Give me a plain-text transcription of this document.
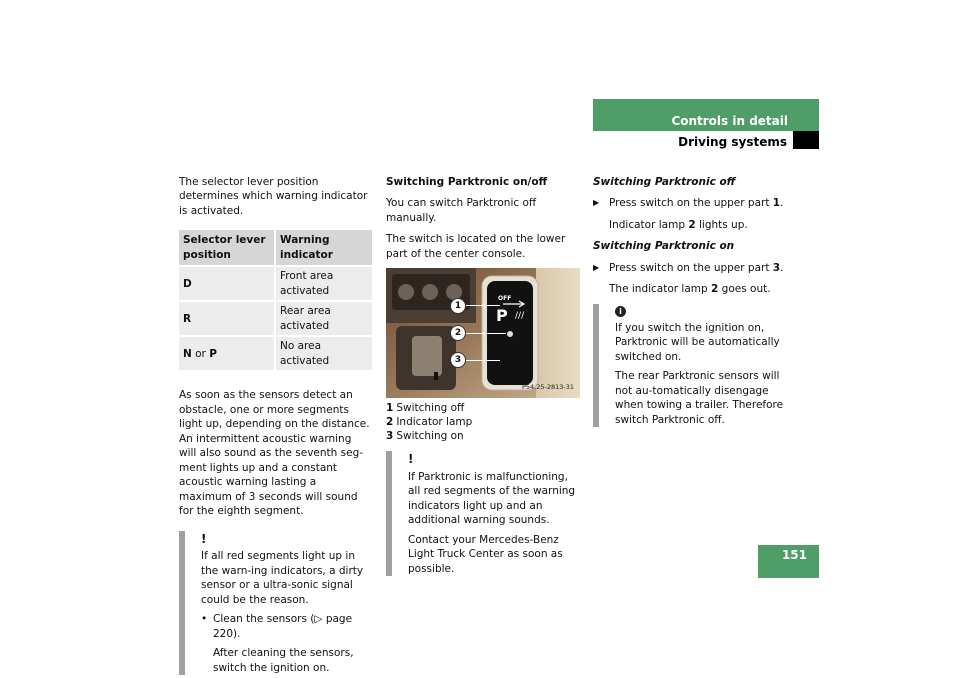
Controls in detail
Driving systems
151

The selector lever position determines which warning indicator is activated.

Selector lever position	Warning indicator
D	Front area activated
R	Rear area activated
N or P	No area activated

As soon as the sensors detect an obstacle, one or more segments light up, depending on the distance. An intermittent acoustic warning will also sound as the seventh seg-ment lights up and a constant acoustic warning lasting a maximum of 3 seconds will sound for the eighth segment.

!

If all red segments light up in the warn-ing indicators, a dirty sensor or a ultra-sonic signal could be the reason.

• Clean the sensors (▷ page 220).

After cleaning the sensors, switch the ignition on.

Switching Parktronic on/off

You can switch Parktronic off manually.

The switch is located on the lower part of the center console.

OFF
P ///
1
2
3
P54.25-2813-31
1 Switching off
2 Indicator lamp
3 Switching on
!

If Parktronic is malfunctioning, all red segments of the warning indicators light up and an additional warning sounds.

Contact your Mercedes-Benz Light Truck Center as soon as possible.

Switching Parktronic off

▶ Press switch on the upper part 1.

Indicator lamp 2 lights up.

Switching Parktronic on

▶ Press switch on the upper part 3.

The indicator lamp 2 goes out.

i

If you switch the ignition on, Parktronic will be automatically switched on.

The rear Parktronic sensors will not au-tomatically disengage when towing a trailer. Therefore switch Parktronic off.
